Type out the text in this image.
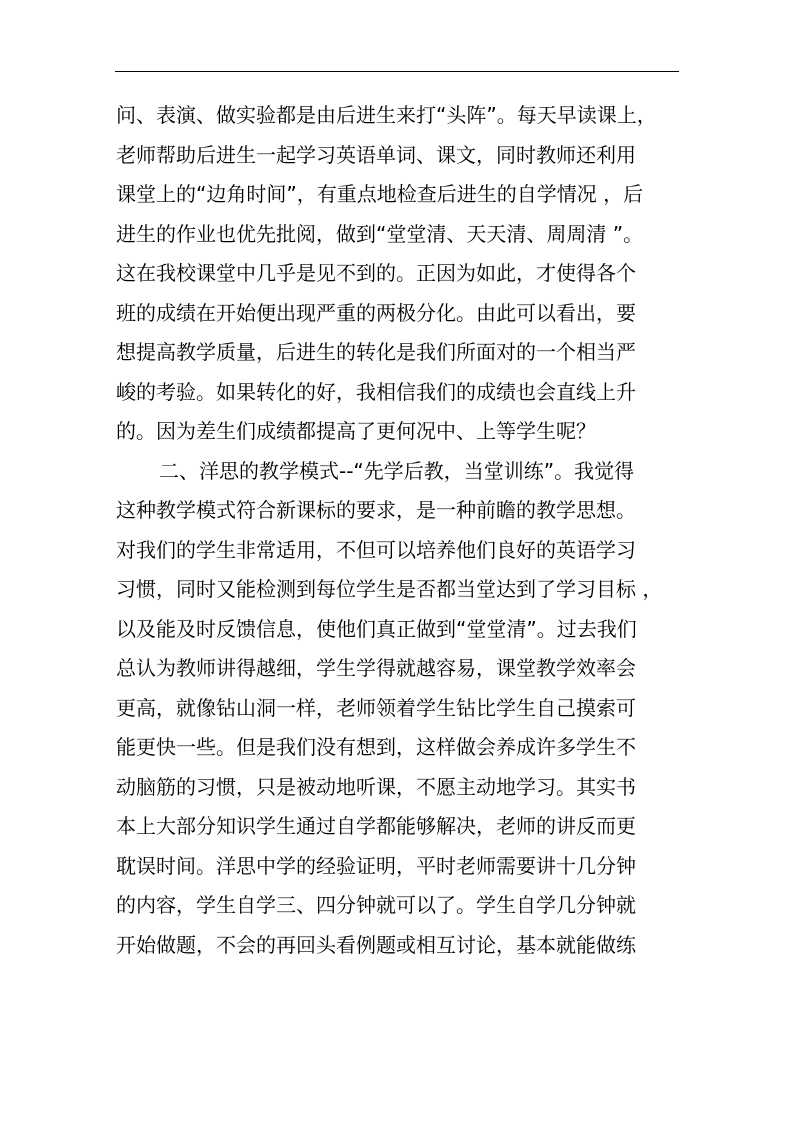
问、表演、做实验都是由后进生来打“头阵”。每天早读课上，
老师帮助后进生一起学习英语单词、课文，同时教师还利用
课堂上的“边角时间”，有重点地检查后进生的自学情况 ，后
进生的作业也优先批阅，做到“堂堂清、天天清、周周清 ”。
这在我校课堂中几乎是见不到的。正因为如此，才使得各个
班的成绩在开始便出现严重的两极分化。由此可以看出，要
想提高教学质量，后进生的转化是我们所面对的一个相当严
峻的考验。如果转化的好，我相信我们的成绩也会直线上升
的。因为差生们成绩都提高了更何况中、上等学生呢？
二、洋思的教学模式--“先学后教，当堂训练”。我觉得
这种教学模式符合新课标的要求，是一种前瞻的教学思想。
对我们的学生非常适用，不但可以培养他们良好的英语学习
习惯，同时又能检测到每位学生是否都当堂达到了学习目标 ，
以及能及时反馈信息，使他们真正做到“堂堂清”。过去我们
总认为教师讲得越细，学生学得就越容易，课堂教学效率会
更高，就像钻山洞一样，老师领着学生钻比学生自己摸索可
能更快一些。但是我们没有想到，这样做会养成许多学生不
动脑筋的习惯，只是被动地听课，不愿主动地学习。其实书
本上大部分知识学生通过自学都能够解决，老师的讲反而更
耽误时间。洋思中学的经验证明，平时老师需要讲十几分钟
的内容，学生自学三、四分钟就可以了。学生自学几分钟就
开始做题，不会的再回头看例题或相互讨论，基本就能做练
